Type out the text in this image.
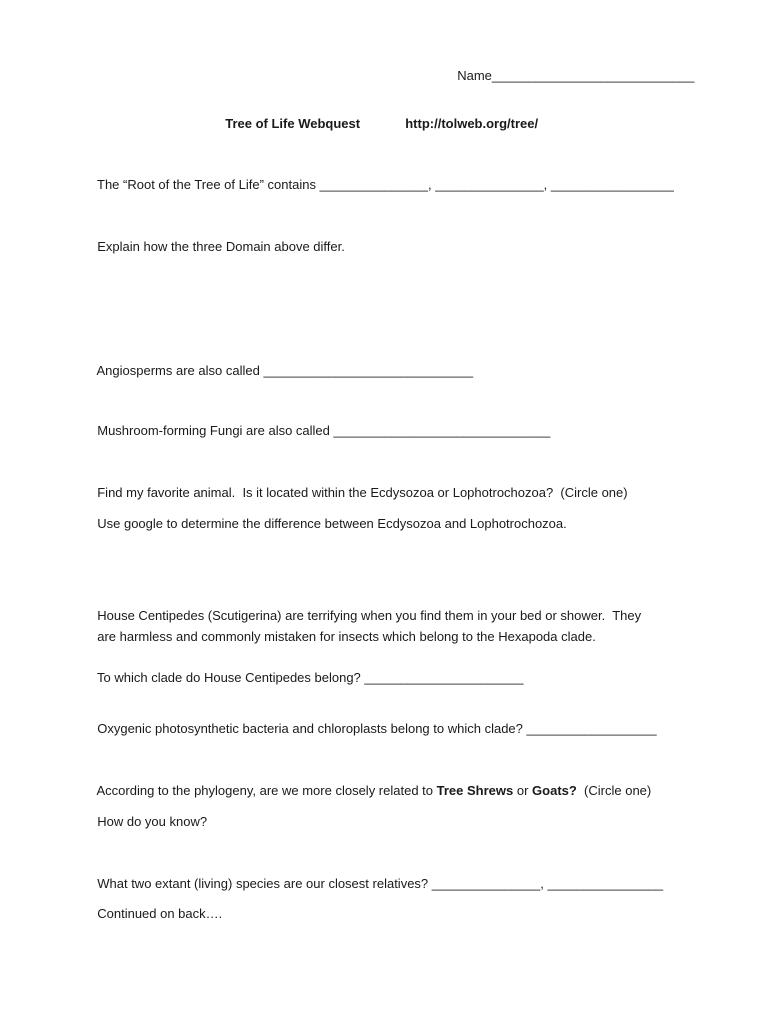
Name____________________________

Tree of Life Webquest	http://tolweb.org/tree/

The “Root of the Tree of Life” contains _______________, _______________, _________________

Explain how the three Domain above differ.

Angiosperms are also called _____________________________

Mushroom-forming Fungi are also called ______________________________

Find my favorite animal.  Is it located within the Ecdysozoa or Lophotrochozoa?  (Circle one)

Use google to determine the difference between Ecdysozoa and Lophotrochozoa.

House Centipedes (Scutigerina) are terrifying when you find them in your bed or shower.  They

are harmless and commonly mistaken for insects which belong to the Hexapoda clade.

To which clade do House Centipedes belong? ______________________

Oxygenic photosynthetic bacteria and chloroplasts belong to which clade? __________________

According to the phylogeny, are we more closely related to Tree Shrews or Goats?  (Circle one)

How do you know?

What two extant (living) species are our closest relatives? _______________, ________________

Continued on back….
